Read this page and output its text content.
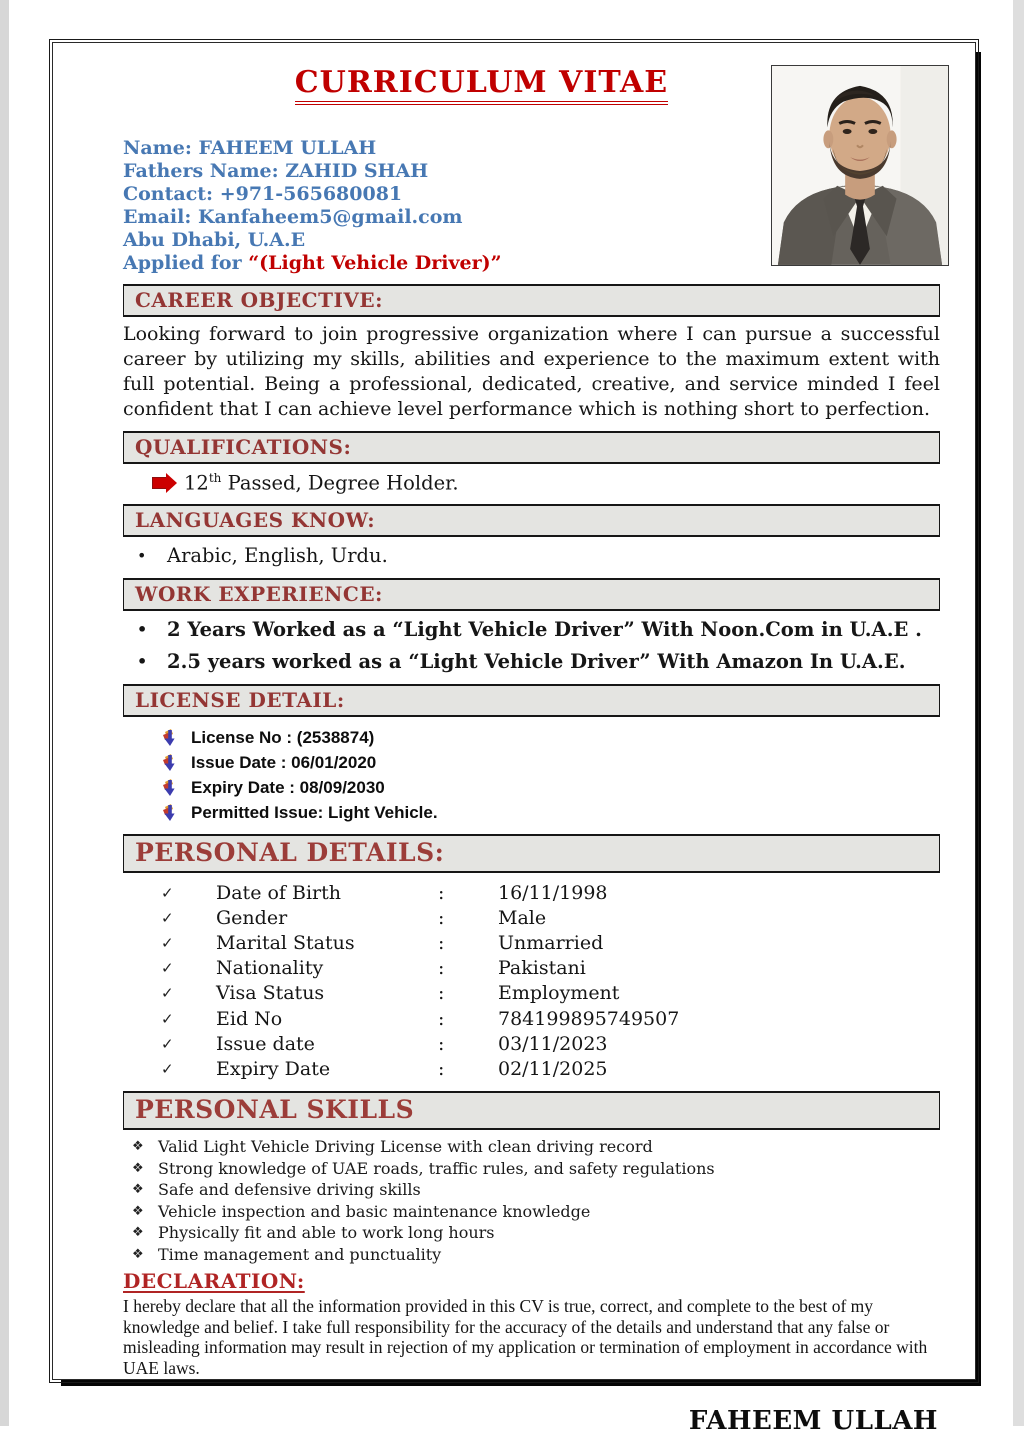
CURRICULUM VITAE
Name: FAHEEM ULLAH
Fathers Name: ZAHID SHAH
Contact: +971-565680081
Email: Kanfaheem5@gmail.com
Abu Dhabi, U.A.E
Applied for “(Light Vehicle Driver)”
CAREER OBJECTIVE:

Looking forward to join progressive organization where I can pursue a successful career by utilizing my skills, abilities and experience to the maximum extent with full potential. Being a professional, dedicated, creative, and service minded I feel confident that I can achieve level performance which is nothing short to perfection.

QUALIFICATIONS:
12th Passed, Degree Holder.
LANGUAGES KNOW:
•	Arabic, English, Urdu.
WORK EXPERIENCE:
•	2 Years Worked as a “Light Vehicle Driver” With Noon.Com in U.A.E .
•	2.5 years worked as a “Light Vehicle Driver” With Amazon In U.A.E.
LICENSE DETAIL:
License No : (2538874)
Issue Date : 06/01/2020
Expiry Date : 08/09/2030
Permitted Issue: Light Vehicle.
PERSONAL DETAILS:
✓	Date of Birth	:	16/11/1998
✓	Gender	:	Male
✓	Marital Status	:	Unmarried
✓	Nationality	:	Pakistani
✓	Visa Status	:	Employment
✓	Eid No	:	784199895749507
✓	Issue date	:	03/11/2023
✓	Expiry Date	:	02/11/2025
PERSONAL SKILLS
❖ Valid Light Vehicle Driving License with clean driving record
❖ Strong knowledge of UAE roads, traffic rules, and safety regulations
❖ Safe and defensive driving skills
❖ Vehicle inspection and basic maintenance knowledge
❖ Physically fit and able to work long hours
❖ Time management and punctuality
DECLARATION:

I hereby declare that all the information provided in this CV is true, correct, and complete to the best of my knowledge and belief. I take full responsibility for the accuracy of the details and understand that any false or misleading information may result in rejection of my application or termination of employment in accordance with UAE laws.

FAHEEM ULLAH
